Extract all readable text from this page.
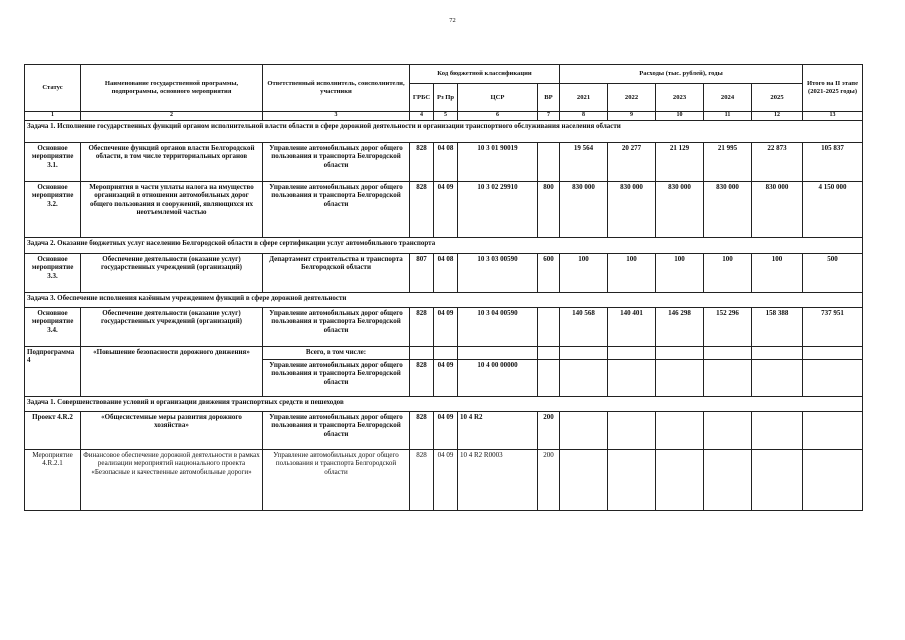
72
Статус	Наименование государственной программы, подпрограммы, основного мероприятия	Ответственный исполнитель, соисполнители, участники	Код бюджетной классификации				Расходы (тыс. рублей), годы					Итого на II этапе (2021-2025 годы)
			ГРБС	Рз Пр	ЦСР	ВР	2021	2022	2023	2024	2025	
1	2	3	4	5	6	7	8	9	10	11	12	13
Задача 1. Исполнение государственных функций органом исполнительной власти области в сфере дорожной деятельности и организации транспортного обслуживания населения области												
Основное мероприятие 3.1.	Обеспечение функций органов власти Белгородской области, в том числе территориальных органов	Управление автомобильных дорог общего пользования и транспорта Белгородской области	828	04 08	10 3 01 90019		19 564	20 277	21 129	21 995	22 873	105 837
Основное мероприятие 3.2.	Мероприятия в части уплаты налога на имущество организаций в отношении автомобильных дорог общего пользования и сооружений, являющихся их неотъемлемой частью	Управление автомобильных дорог общего пользования и транспорта Белгородской области	828	04 09	10 3 02 29910	800	830 000	830 000	830 000	830 000	830 000	4 150 000
Задача 2. Оказание бюджетных услуг населению Белгородской области в сфере сертификации услуг автомобильного транспорта												
Основное мероприятие 3.3.	Обеспечение деятельности (оказание услуг) государственных учреждений (организаций)	Департамент строительства и транспорта Белгородской области	807	04 08	10 3 03 00590	600	100	100	100	100	100	500
Задача 3. Обеспечение исполнения казённым учреждением функций в сфере дорожной деятельности												
Основное мероприятие 3.4.	Обеспечение деятельности (оказание услуг) государственных учреждений (организаций)	Управление автомобильных дорог общего пользования и транспорта Белгородской области	828	04 09	10 3 04 00590		140 568	140 401	146 298	152 296	158 388	737 951
Подпрограмма 4	«Повышение безопасности дорожного движения»	Всего, в том числе:										
		Управление автомобильных дорог общего пользования и транспорта Белгородской области	828	04 09	10 4 00 00000							
Задача 1. Совершенствование условий и организации движения транспортных средств и пешеходов												
Проект 4.R.2	«Общесистемные меры развития дорожного хозяйства»	Управление автомобильных дорог общего пользования и транспорта Белгородской области	828	04 09	10 4 R2	200						
Мероприятие 4.R.2.1	Финансовое обеспечение дорожной деятельности в рамках реализации мероприятий национального проекта «Безопасные и качественные автомобильные дороги»	Управление автомобильных дорог общего пользования и транспорта Белгородской области	828	04 09	10 4 R2 R0003	200						
